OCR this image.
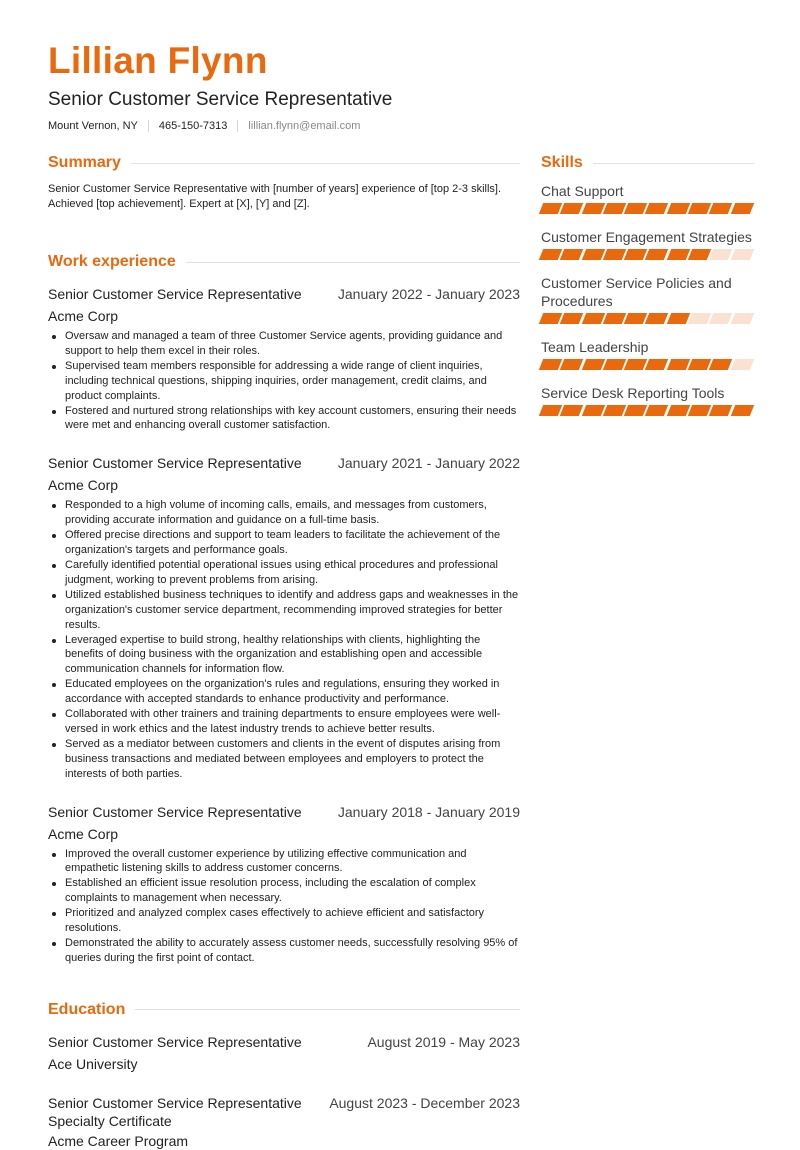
Lillian Flynn
Senior Customer Service Representative
Mount Vernon, NY 465-150-7313 lillian.flynn@email.com
Summary

Senior Customer Service Representative with [number of years] experience of [top 2-3 skills]. Achieved [top achievement]. Expert at [X], [Y] and [Z].

Work experience
Senior Customer Service Representative	January 2022 - January 2023
Acme Corp
Oversaw and managed a team of three Customer Service agents, providing guidance and support to help them excel in their roles.
Supervised team members responsible for addressing a wide range of client inquiries, including technical questions, shipping inquiries, order management, credit claims, and product complaints.
Fostered and nurtured strong relationships with key account customers, ensuring their needs were met and enhancing overall customer satisfaction.
Senior Customer Service Representative	January 2021 - January 2022
Acme Corp
Responded to a high volume of incoming calls, emails, and messages from customers, providing accurate information and guidance on a full-time basis.
Offered precise directions and support to team leaders to facilitate the achievement of the organization's targets and performance goals.
Carefully identified potential operational issues using ethical procedures and professional judgment, working to prevent problems from arising.
Utilized established business techniques to identify and address gaps and weaknesses in the organization's customer service department, recommending improved strategies for better results.
Leveraged expertise to build strong, healthy relationships with clients, highlighting the benefits of doing business with the organization and establishing open and accessible communication channels for information flow.
Educated employees on the organization's rules and regulations, ensuring they worked in accordance with accepted standards to enhance productivity and performance.
Collaborated with other trainers and training departments to ensure employees were well-versed in work ethics and the latest industry trends to achieve better results.
Served as a mediator between customers and clients in the event of disputes arising from business transactions and mediated between employees and employers to protect the interests of both parties.
Senior Customer Service Representative	January 2018 - January 2019
Acme Corp
Improved the overall customer experience by utilizing effective communication and empathetic listening skills to address customer concerns.
Established an efficient issue resolution process, including the escalation of complex complaints to management when necessary.
Prioritized and analyzed complex cases effectively to achieve efficient and satisfactory resolutions.
Demonstrated the ability to accurately assess customer needs, successfully resolving 95% of queries during the first point of contact.
Education
Senior Customer Service Representative	August 2019 - May 2023
Ace University
Senior Customer Service Representative Specialty Certificate
August 2023 - December 2023
Acme Career Program
Skills
Chat Support
Customer Engagement Strategies
Customer Service Policies and Procedures
Team Leadership
Service Desk Reporting Tools
